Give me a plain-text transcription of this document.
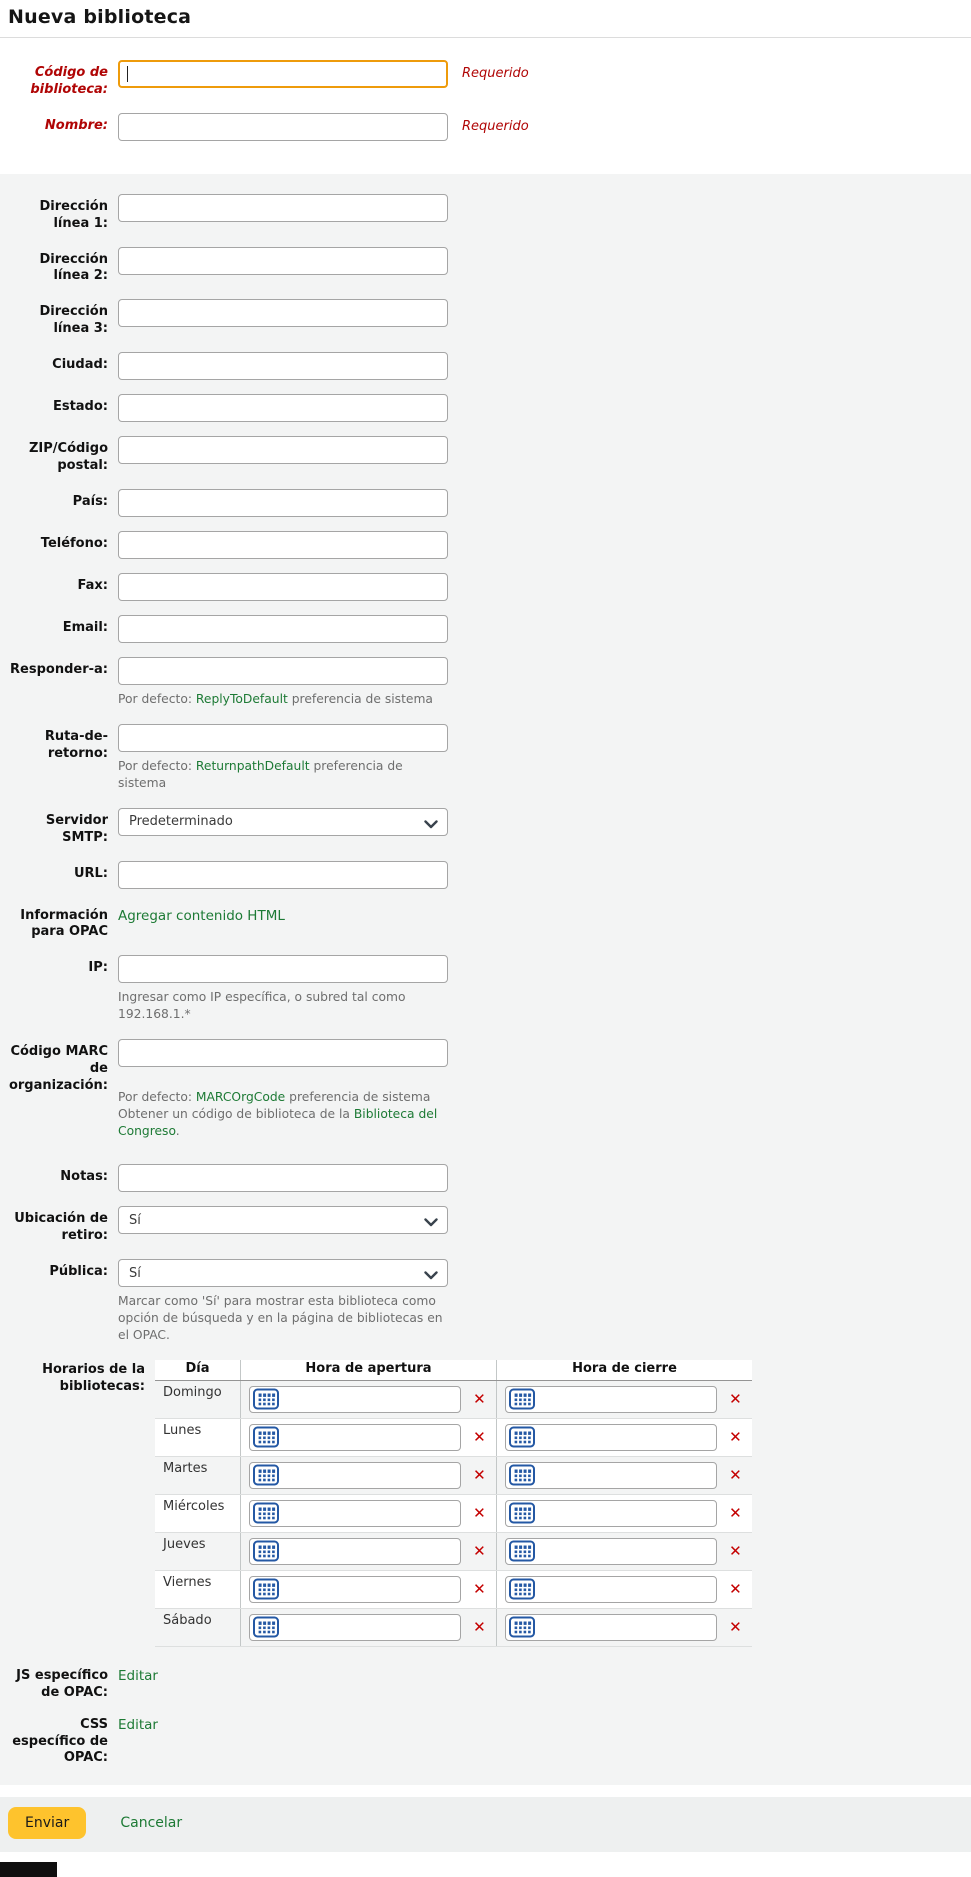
Nueva biblioteca
Código de biblioteca:
Requerido
Nombre:	Requerido
Dirección línea 1:
Dirección línea 2:
Dirección línea 3:
Ciudad:
Estado:
ZIP/Código postal:
País:
Teléfono:
Fax:
Email:
Responder-a:
Por defecto: ReplyToDefault preferencia de sistema
Ruta-de-retorno:
Por defecto: ReturnpathDefault preferencia de sistema
Servidor SMTP:
Predeterminado
URL:
Información para OPAC
Agregar contenido HTML
IP:
Ingresar como IP específica, o subred tal como 192.168.1.*
Código MARC de organización:
Por defecto: MARCOrgCode preferencia de sistema
Obtener un código de biblioteca de la Biblioteca del Congreso.
Notas:
Ubicación de retiro:
Sí
Pública:
Sí
Marcar como 'Sí' para mostrar esta biblioteca como opción de búsqueda y en la página de bibliotecas en el OPAC.
Horarios de la bibliotecas:
Día	Hora de apertura	Hora de cierre
Domingo	✕	✕
Lunes	✕	✕
Martes	✕	✕
Miércoles	✕	✕
Jueves	✕	✕
Viernes	✕	✕
Sábado	✕	✕
JS específico de OPAC:
Editar
CSS específico de OPAC:
Editar
Enviar	Cancelar
